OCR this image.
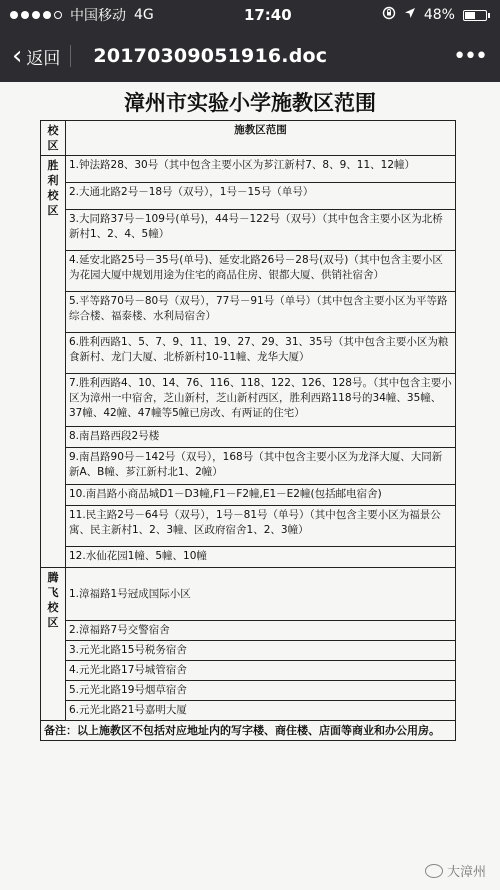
中国移动 4G	17:40	48%
‹ 返回 20170309051916.doc	•••
漳州市实验小学施教区范围
校区	施教区范围

胜
利
校
区	1.钟法路28、30号（其中包含主要小区为芗江新村7、8、9、11、12幢）
	2.大通北路2号－18号（双号），1号－15号（单号）
	3.大同路37号－109号(单号)，44号－122号（双号）（其中包含主要小区为北桥新村1、2、4、5幢）
	4.延安北路25号－35号(单号)、延安北路26号－28号(双号)（其中包含主要小区为花园大厦中规划用途为住宅的商品住房、银都大厦、供销社宿舍）
	5.平等路70号－80号（双号），77号－91号（单号）（其中包含主要小区为平等路综合楼、福泰楼、水利局宿舍）
	6.胜利西路1、5、7、9、11、19、27、29、31、35号（其中包含主要小区为粮食新村、龙门大厦、北桥新村10-11幢、龙华大厦）
	7.胜利西路4、10、14、76、116、118、122、126、128号。（其中包含主要小区为漳州一中宿舍，芝山新村，芝山新村西区，胜利西路118号的34幢、35幢、37幢、42幢、47幢等5幢已房改、有两证的住宅）
	8.南昌路西段2号楼
	9.南昌路90号－142号（双号），168号（其中包含主要小区为龙泽大厦、大同新新A、B幢、芗江新村北1、2幢）
	10.南昌路小商品城D1－D3幢,F1－F2幢,E1－E2幢(包括邮电宿舍)
	11.民主路2号－64号（双号），1号－81号（单号）（其中包含主要小区为福景公寓、民主新村1、2、3幢、区政府宿舍1、2、3幢）
	12.水仙花园1幢、5幢、10幢

腾
飞
校
区	1.漳福路1号冠成国际小区
	2.漳福路7号交警宿舍
	3.元光北路15号税务宿舍
	4.元光北路17号城管宿舍
	5.元光北路19号烟草宿舍
	6.元光北路21号嘉明大厦
备注：以上施教区不包括对应地址内的写字楼、商住楼、店面等商业和办公用房。	
大漳州
